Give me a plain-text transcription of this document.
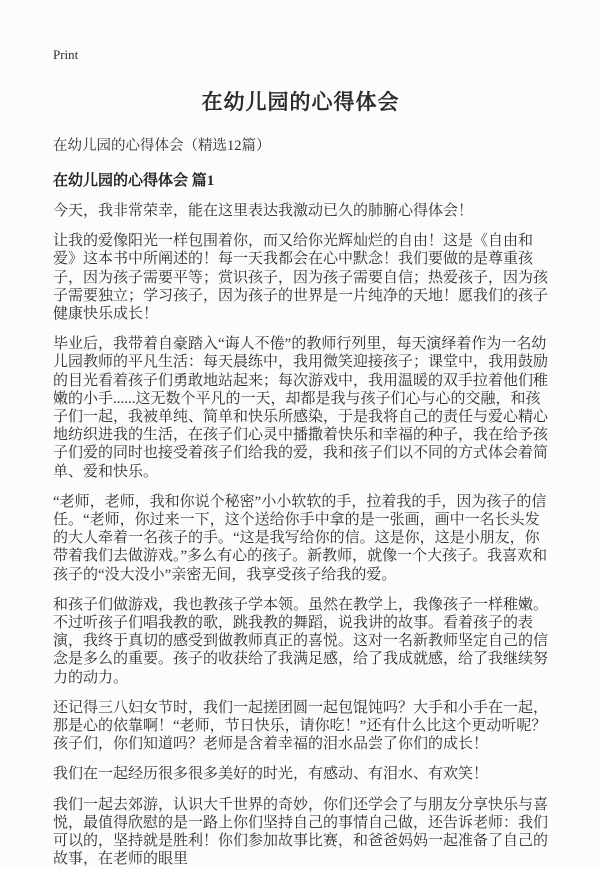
Print
在幼儿园的心得体会
在幼儿园的心得体会（精选12篇）
在幼儿园的心得体会 篇1

今天，我非常荣幸，能在这里表达我激动已久的肺腑心得体会！

让我的爱像阳光一样包围着你，而又给你光辉灿烂的自由！这是《自由和爱》这本书中所阐述的！每一天我都会在心中默念！我们要做的是尊重孩子，因为孩子需要平等；赏识孩子，因为孩子需要自信；热爱孩子，因为孩子需要独立；学习孩子，因为孩子的世界是一片纯净的天地！愿我们的孩子健康快乐成长！

毕业后，我带着自豪踏入“诲人不倦”的教师行列里，每天演绎着作为一名幼儿园教师的平凡生活：每天晨练中，我用微笑迎接孩子；课堂中，我用鼓励的目光看着孩子们勇敢地站起来；每次游戏中，我用温暖的双手拉着他们稚嫩的小手......这无数个平凡的一天，却都是我与孩子们心与心的交融，和孩子们一起，我被单纯、简单和快乐所感染，于是我将自己的责任与爱心精心地纺织进我的生活，在孩子们心灵中播撒着快乐和幸福的种子，我在给予孩子们爱的同时也接受着孩子们给我的爱，我和孩子们以不同的方式体会着简单、爱和快乐。

“老师，老师，我和你说个秘密”小小软软的手，拉着我的手，因为孩子的信任。“老师，你过来一下，这个送给你手中拿的是一张画，画中一名长头发的大人牵着一名孩子的手。“这是我写给你的信。这是你，这是小朋友，你带着我们去做游戏。”多么有心的孩子。新教师，就像一个大孩子。我喜欢和孩子的“没大没小”亲密无间，我享受孩子给我的爱。

和孩子们做游戏，我也教孩子学本领。虽然在教学上，我像孩子一样稚嫩。不过听孩子们唱我教的歌，跳我教的舞蹈，说我讲的故事。看着孩子的表演，我终于真切的感受到做教师真正的喜悦。这对一名新教师坚定自己的信念是多么的重要。孩子的收获给了我满足感，给了我成就感，给了我继续努力的动力。

还记得三八妇女节时，我们一起搓团圆一起包馄饨吗？大手和小手在一起，那是心的依靠啊！“老师，节日快乐，请你吃！”还有什么比这个更动听呢？孩子们，你们知道吗？老师是含着幸福的泪水品尝了你们的成长！

我们在一起经历很多很多美好的时光，有感动、有泪水、有欢笑！

我们一起去郊游，认识大千世界的奇妙，你们还学会了与朋友分享快乐与喜悦，最值得欣慰的是一路上你们坚持自己的事情自己做，还告诉老师：我们可以的，坚持就是胜利！你们参加故事比赛，和爸爸妈妈一起准备了自己的故事，在老师的眼里
